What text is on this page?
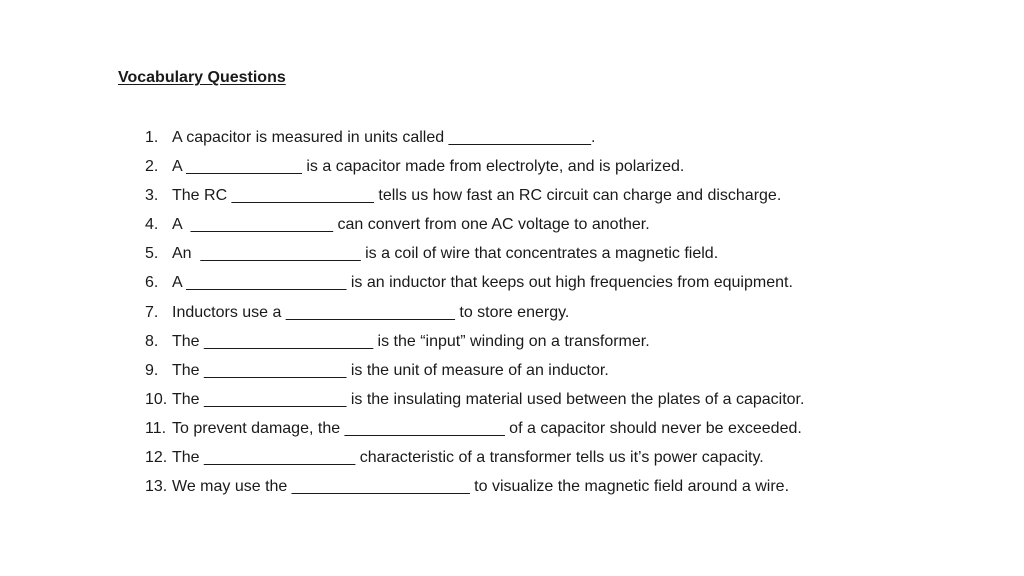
Vocabulary Questions
1. A capacitor is measured in units called ________________.
2. A _____________ is a capacitor made from electrolyte, and is polarized.
3. The RC ________________ tells us how fast an RC circuit can charge and discharge.
4. A  ________________ can convert from one AC voltage to another.
5. An  __________________ is a coil of wire that concentrates a magnetic field.
6. A __________________ is an inductor that keeps out high frequencies from equipment.
7. Inductors use a ___________________ to store energy.
8. The ___________________ is the “input” winding on a transformer.
9. The ________________ is the unit of measure of an inductor.
10. The ________________ is the insulating material used between the plates of a capacitor.
11. To prevent damage, the __________________ of a capacitor should never be exceeded.
12. The _________________ characteristic of a transformer tells us it’s power capacity.
13. We may use the ____________________ to visualize the magnetic field around a wire.
